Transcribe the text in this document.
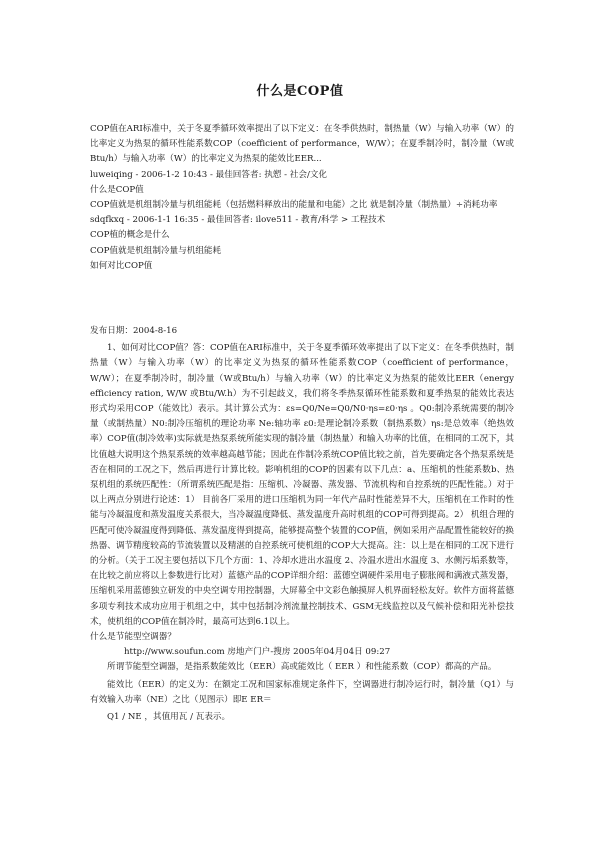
什么是COP值

COP值在ARI标准中，关于冬夏季循环效率提出了以下定义：在冬季供热时，制热量（W）与输入功率（W）的比率定义为热泵的循环性能系数COP（coefficient of performance，W/W）；在夏季制冷时，制冷量（W或Btu/h）与输入功率（W）的比率定义为热泵的能效比EER...

luweiqing - 2006-1-2 10:43 - 最佳回答者: 执愬 - 社会/文化

什么是COP值

COP值就是机组制冷量与机组能耗（包括燃料释放出的能量和电能）之比 就是制冷量（制热量）÷消耗功率

sdqfkxq - 2006-1-1 16:35 - 最佳回答者: ilove511 - 教育/科学 > 工程技术

COP植的概念是什么

COP值就是机组制冷量与机组能耗

如何对比COP值

发布日期：2004-8-16

1、如何对比COP值？答：COP值在ARI标准中，关于冬夏季循环效率提出了以下定义：在冬季供热时，制热量（W）与输入功率（W）的比率定义为热泵的循环性能系数COP（coefficient of performance，W/W）；在夏季制冷时，制冷量（W或Btu/h）与输入功率（W）的比率定义为热泵的能效比EER（energy efficiency ration, W/W 或Btu/W.h）为不引起歧义，我们将冬季热泵循环性能系数和夏季热泵的能效比表达形式均采用COP（能效比）表示。其计算公式为：εs=Q0/Ne=Q0/N0·ηs=ε0·ηs 。Q0:制冷系统需要的制冷量（或制热量）N0:制冷压缩机的理论功率 Ne:轴功率 ε0:是理论制冷系数（制热系数）ηs:是总效率（绝热效率）COP值(制冷效率)实际就是热泵系统所能实现的制冷量（制热量）和输入功率的比值，在相同的工况下，其比值越大说明这个热泵系统的效率越高越节能；因此在作制冷系统COP值比较之前，首先要确定各个热泵系统是否在相同的工况之下，然后再进行计算比较。影响机组的COP的因素有以下几点：a、压缩机的性能系数b、热泵机组的系统匹配性：（所谓系统匹配是指：压缩机、冷凝器、蒸发器、节流机构和自控系统的匹配性能。）对于以上两点分别进行论述：1） 目前各厂采用的进口压缩机为同一年代产品时性能差异不大，压缩机在工作时的性能与冷凝温度和蒸发温度关系很大，当冷凝温度降低、蒸发温度升高时机组的COP可得到提高。2） 机组合理的匹配可使冷凝温度得到降低、蒸发温度得到提高，能够提高整个装置的COP值，例如采用产品配置性能较好的换热器、调节精度较高的节流装置以及精湛的自控系统可使机组的COP大大提高。注：以上是在相同的工况下进行的分析。（关于工况主要包括以下几个方面：1、冷却水进出水温度 2、冷温水进出水温度 3、水侧污垢系数等，在比较之前应将以上参数进行比对）蓝德产品的COP详细介绍：蓝德空调硬件采用电子膨胀阀和满液式蒸发器，压缩机采用蓝德独立研发的中央空调专用控制器，大屏幕全中文彩色触摸屏人机界面轻松友好。软件方面将蓝德多项专利技术成功应用于机组之中，其中包括制冷剂流量控制技术、GSM无线监控以及气候补偿和阳光补偿技术，使机组的COP值在制冷时，最高可达到6.1以上。

什么是节能型空调器？

http://www.soufun.com 房地产门户-搜房 2005年04月04日 09:27

所谓节能型空调器，是指系数能效比（EER）高或能效比（ EER ）和性能系数（COP）都高的产品。

能效比（EER）的定义为：在额定工况和国家标准规定条件下，空调器进行制冷运行时，制冷量（Q1）与有效输入功率（NE）之比（见图示）即E ER＝

Q1 / NE ，其值用瓦 / 瓦表示。
